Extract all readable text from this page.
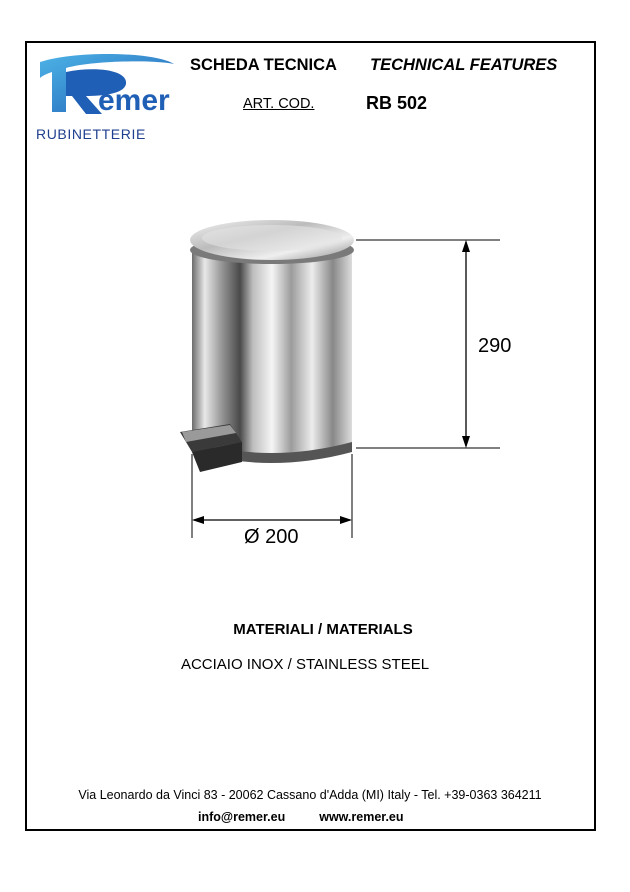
emer
RUBINETTERIE
SCHEDA TECNICA TECHNICAL FEATURES
ART. COD.	RB 502
290
Ø 200
MATERIALI / MATERIALS
ACCIAIO INOX / STAINLESS STEEL
Via Leonardo da Vinci 83 - 20062 Cassano d'Adda (MI) Italy - Tel. +39-0363 364211
info@remer.eu	www.remer.eu
